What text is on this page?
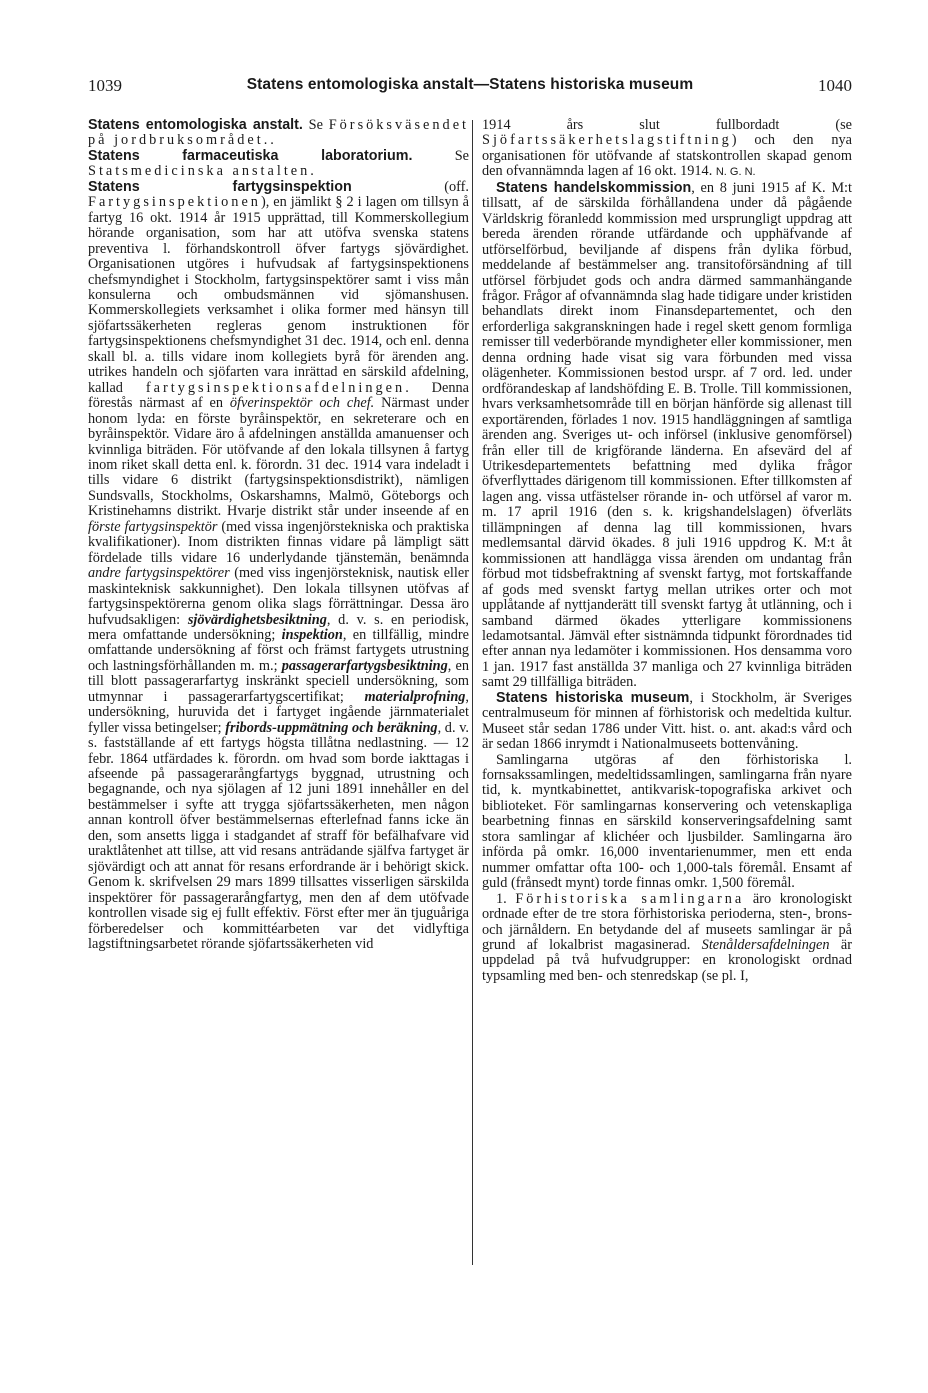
1039	Statens entomologiska anstalt—Statens historiska museum	1040

Statens entomologiska anstalt. Se Försöksväsendet på jordbruksområdet..

Statens farmaceutiska laboratorium. Se Statsmedicinska anstalten.

Statens fartygsinspektion (off. Fartygsinspektionen), en jämlikt § 2 i lagen om tillsyn å fartyg 16 okt. 1914 år 1915 upprättad, till Kommerskollegium hörande organisation, som har att utöfva svenska statens preventiva l. förhandskontroll öfver fartygs sjövärdighet. Organisationen utgöres i hufvudsak af fartygsinspektionens chefsmyndighet i Stockholm, fartygsinspektörer samt i viss mån konsulerna och ombudsmännen vid sjömanshusen. Kommerskollegiets verksamhet i olika former med hänsyn till sjöfartssäkerheten regleras genom instruktionen för fartygsinspektionens chefsmyndighet 31 dec. 1914, och enl. denna skall bl. a. tills vidare inom kollegiets byrå för ärenden ang. utrikes handeln och sjöfarten vara inrättad en särskild afdelning, kallad fartygsinspektionsafdelningen. Denna förestås närmast af en öfverinspektör och chef. Närmast under honom lyda: en förste byråinspektör, en sekreterare och en byråinspektör. Vidare äro å afdelningen anställda amanuenser och kvinnliga biträden. För utöfvande af den lokala tillsynen å fartyg inom riket skall detta enl. k. förordn. 31 dec. 1914 vara indeladt i tills vidare 6 distrikt (fartygsinspektionsdistrikt), nämligen Sundsvalls, Stockholms, Oskarshamns, Malmö, Göteborgs och Kristinehamns distrikt. Hvarje distrikt står under inseende af en förste fartygsinspektör (med vissa ingenjörstekniska och praktiska kvalifikationer). Inom distrikten finnas vidare på lämpligt sätt fördelade tills vidare 16 underlydande tjänstemän, benämnda andre fartygsinspektörer (med viss ingenjörsteknisk, nautisk eller maskinteknisk sakkunnighet). Den lokala tillsynen utöfvas af fartygsinspektörerna genom olika slags förrättningar. Dessa äro hufvudsakligen: sjövärdighetsbesiktning, d. v. s. en periodisk, mera omfattande undersökning; inspektion, en tillfällig, mindre omfattande undersökning af först och främst fartygets utrustning och lastningsförhållanden m. m.; passagerarfartygsbesiktning, en till blott passagerarfartyg inskränkt speciell undersökning, som utmynnar i passagerarfartygscertifikat; materialprofning, undersökning, huruvida det i fartyget ingående järnmaterialet fyller vissa betingelser; fribords-uppmätning och beräkning, d. v. s. fastställande af ett fartygs högsta tillåtna nedlastning. — 12 febr. 1864 utfärdades k. förordn. om hvad som borde iakttagas i afseende på passagerarångfartygs byggnad, utrustning och begagnande, och nya sjölagen af 12 juni 1891 innehåller en del bestämmelser i syfte att trygga sjöfartssäkerheten, men någon annan kontroll öfver bestämmelsernas efterlefnad fanns icke än den, som ansetts ligga i stadgandet af straff för befälhafvare vid uraktlåtenhet att tillse, att vid resans anträdande själfva fartyget är sjövärdigt och att annat för resans erfordrande är i behörigt skick. Genom k. skrifvelsen 29 mars 1899 tillsattes visserligen särskilda inspektörer för passagerarångfartyg, men den af dem utöfvade kontrollen visade sig ej fullt effektiv. Först efter mer än tjuguåriga förberedelser och kommittéarbeten var det vidlyftiga lagstiftningsarbetet rörande sjöfartssäkerheten vid

1914 års slut fullbordadt (se Sjöfartssäkerhetslagstiftning) och den nya organisationen för utöfvande af statskontrollen skapad genom den ofvannämnda lagen af 16 okt. 1914. N. G. N.

Statens handelskommission, en 8 juni 1915 af K. M:t tillsatt, af de särskilda förhållandena under då pågående Världskrig föranledd kommission med ursprungligt uppdrag att bereda ärenden rörande utfärdande och upphäfvande af utförselförbud, beviljande af dispens från dylika förbud, meddelande af bestämmelser ang. transitoförsändning af till utförsel förbjudet gods och andra därmed sammanhängande frågor. Frågor af ofvannämnda slag hade tidigare under kristiden behandlats direkt inom Finansdepartementet, och den erforderliga sakgranskningen hade i regel skett genom formliga remisser till vederbörande myndigheter eller kommissioner, men denna ordning hade visat sig vara förbunden med vissa olägenheter. Kommissionen bestod urspr. af 7 ord. led. under ordförandeskap af landshöfding E. B. Trolle. Till kommissionen, hvars verksamhetsområde till en början hänförde sig allenast till exportärenden, förlades 1 nov. 1915 handläggningen af samtliga ärenden ang. Sveriges ut- och införsel (inklusive genomförsel) från eller till de krigförande länderna. En afsevärd del af Utrikesdepartementets befattning med dylika frågor öfverflyttades därigenom till kommissionen. Efter tillkomsten af lagen ang. vissa utfästelser rörande in- och utförsel af varor m. m. 17 april 1916 (den s. k. krigshandelslagen) öfverläts tillämpningen af denna lag till kommissionen, hvars medlemsantal därvid ökades. 8 juli 1916 uppdrog K. M:t åt kommissionen att handlägga vissa ärenden om undantag från förbud mot tidsbefraktning af svenskt fartyg, mot fortskaffande af gods med svenskt fartyg mellan utrikes orter och mot upplåtande af nyttjanderätt till svenskt fartyg åt utlänning, och i samband därmed ökades ytterligare kommissionens ledamotsantal. Jämväl efter sistnämnda tidpunkt förordnades tid efter annan nya ledamöter i kommissionen. Hos densamma voro 1 jan. 1917 fast anställda 37 manliga och 27 kvinnliga biträden samt 29 tillfälliga biträden.

Statens historiska museum, i Stockholm, är Sveriges centralmuseum för minnen af förhistorisk och medeltida kultur. Museet står sedan 1786 under Vitt. hist. o. ant. akad:s vård och är sedan 1866 inrymdt i Nationalmuseets bottenvåning.

Samlingarna utgöras af den förhistoriska l. fornsakssamlingen, medeltidssamlingen, samlingarna från nyare tid, k. myntkabinettet, antikvarisk-topografiska arkivet och biblioteket. För samlingarnas konservering och vetenskapliga bearbetning finnas en särskild konserveringsafdelning samt stora samlingar af klichéer och ljusbilder. Samlingarna äro införda på omkr. 16,000 inventarienummer, men ett enda nummer omfattar ofta 100- och 1,000-tals föremål. Ensamt af guld (frånsedt mynt) torde finnas omkr. 1,500 föremål.

1. Förhistoriska samlingarna äro kronologiskt ordnade efter de tre stora förhistoriska perioderna, sten-, brons- och järnåldern. En betydande del af museets samlingar är på grund af lokalbrist magasinerad. Stenåldersafdelningen är uppdelad på två hufvudgrupper: en kronologiskt ordnad typsamling med ben- och stenredskap (se pl. I,
